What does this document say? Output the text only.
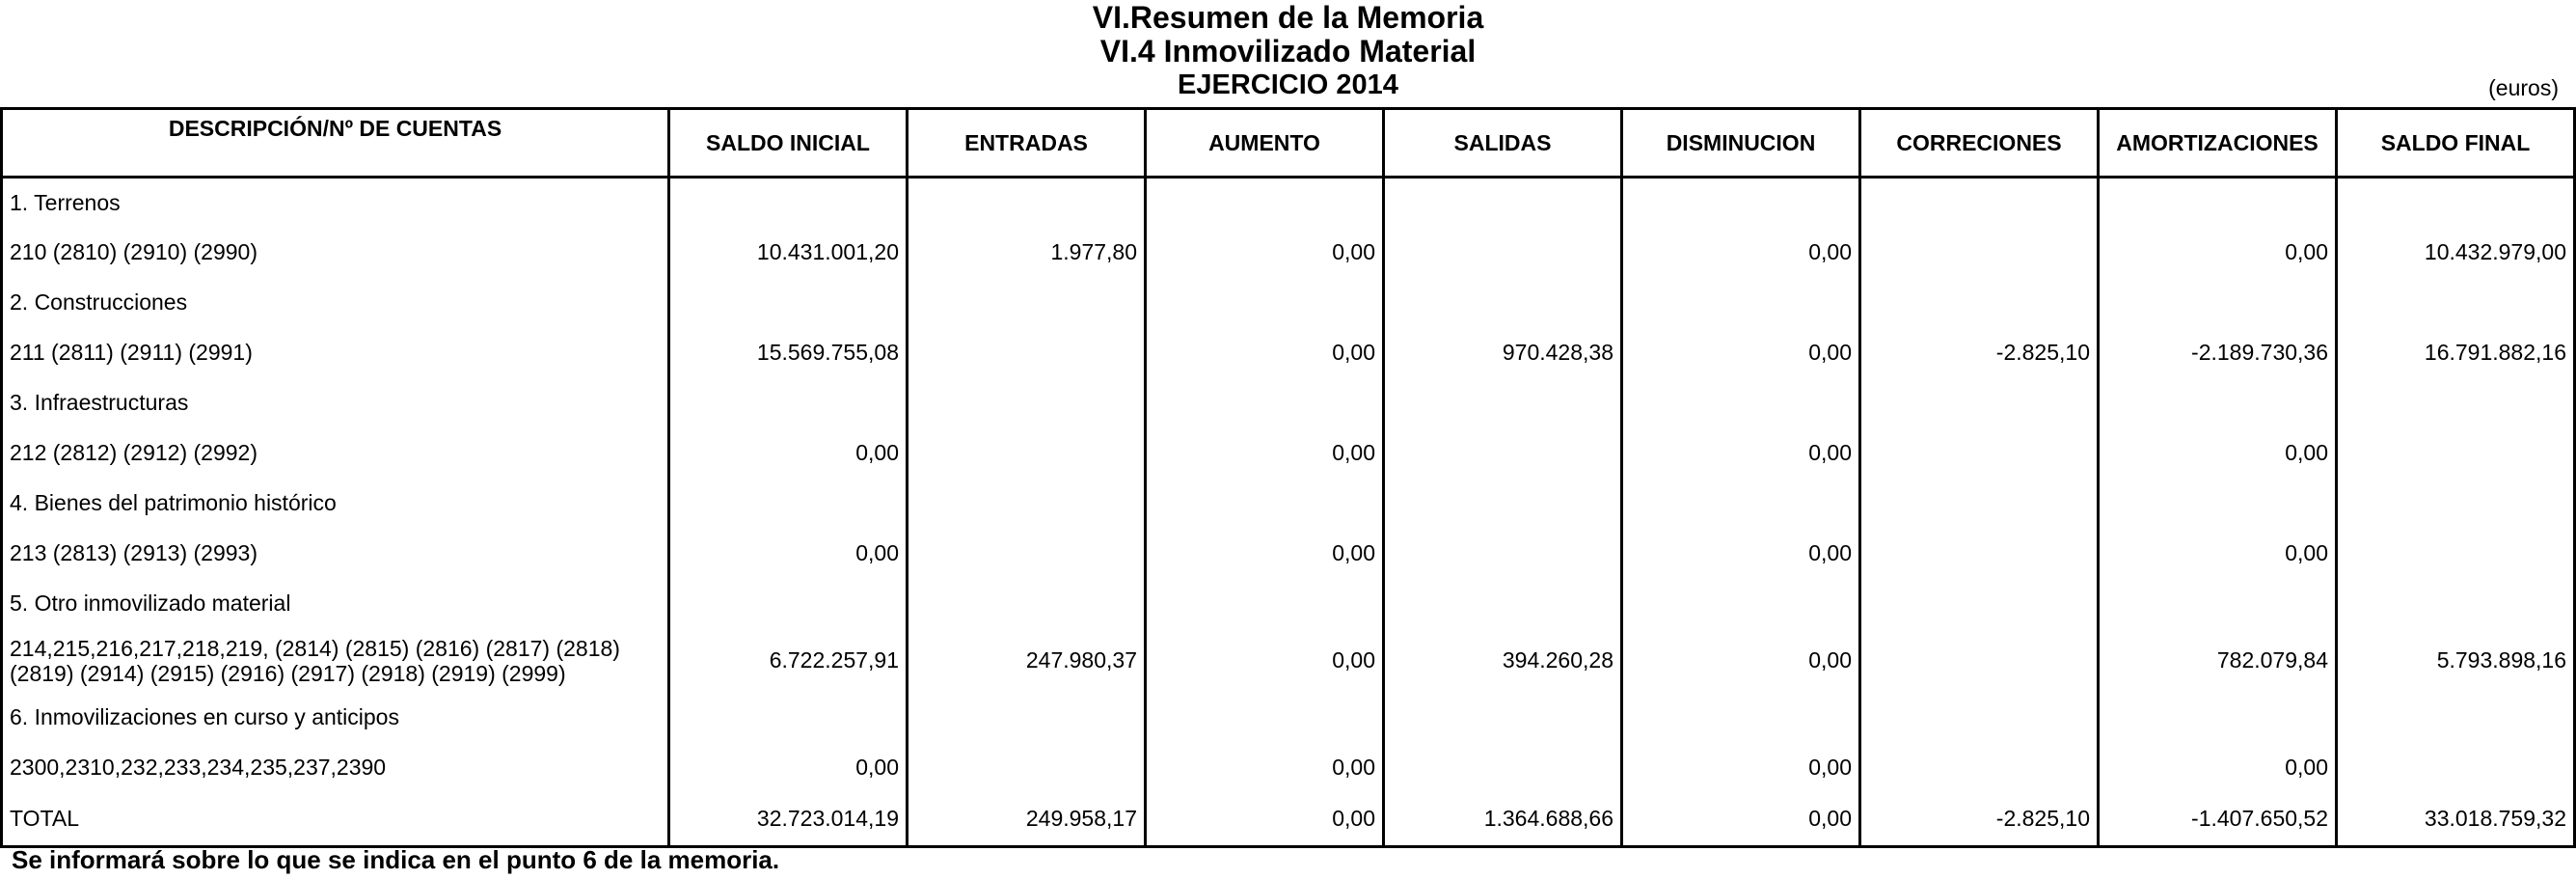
VI.Resumen de la Memoria
VI.4 Inmovilizado Material
EJERCICIO 2014	(euros)
DESCRIPCIÓN/Nº DE CUENTAS	SALDO INICIAL	ENTRADAS	AUMENTO	SALIDAS	DISMINUCION	CORRECIONES	AMORTIZACIONES	SALDO FINAL
1. Terrenos								
210 (2810) (2910) (2990)	10.431.001,20	1.977,80	0,00		0,00		0,00	10.432.979,00
2. Construcciones								
211 (2811) (2911) (2991)	15.569.755,08		0,00	970.428,38	0,00	-2.825,10	-2.189.730,36	16.791.882,16
3. Infraestructuras								
212 (2812) (2912) (2992)	0,00		0,00		0,00		0,00	
4. Bienes del patrimonio histórico								
213 (2813) (2913) (2993)	0,00		0,00		0,00		0,00	
5. Otro inmovilizado material								
214,215,216,217,218,219, (2814) (2815) (2816) (2817) (2818) (2819) (2914) (2915) (2916) (2917) (2918) (2919) (2999)	6.722.257,91	247.980,37	0,00	394.260,28	0,00		782.079,84	5.793.898,16
6. Inmovilizaciones en curso y anticipos								
2300,2310,232,233,234,235,237,2390	0,00		0,00		0,00		0,00	
TOTAL	32.723.014,19	249.958,17	0,00	1.364.688,66	0,00	-2.825,10	-1.407.650,52	33.018.759,32
Se informará sobre lo que se indica en el punto 6 de la memoria.
